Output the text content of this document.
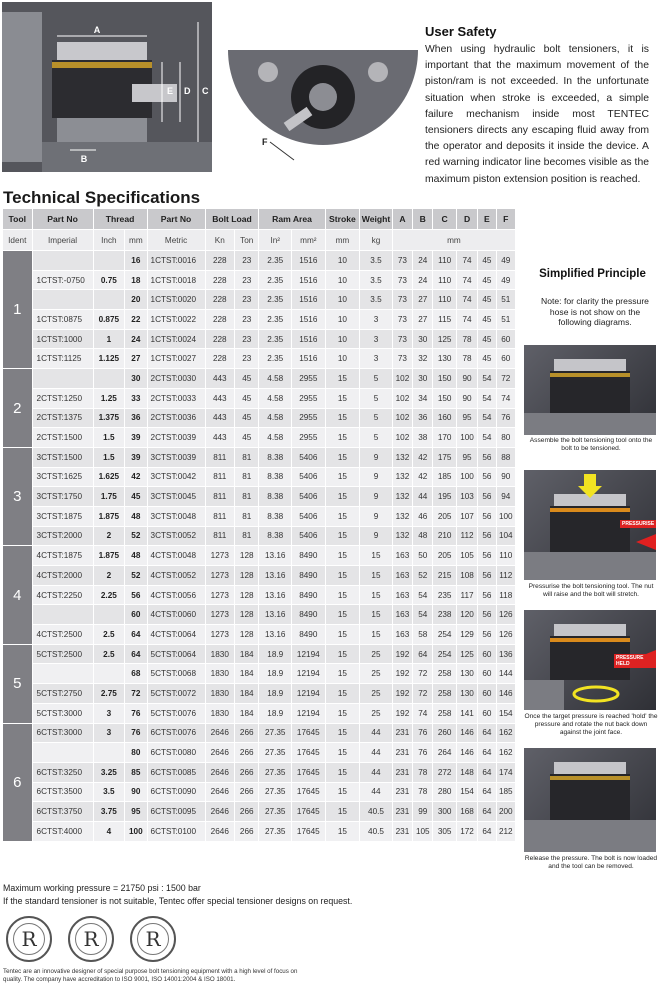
A
B
E D C
F
User Safety
When using hydraulic bolt tensioners, it is important that the maximum movement of the piston/ram is not exceeded. In the unfortunate situation when stroke is exceeded, a simple failure mechanism inside most TENTEC tensioners directs any escaping fluid away from the operator and deposits it inside the device. A red warning indicator line becomes visible as the maximum piston extension position is reached.
Technical Specifications
Tool	Part No	Thread		Part No	Bolt Load		Ram Area		Stroke	Weight	A	B	C	D	E	F
Ident	Imperial	Inch	mm	Metric	Kn	Ton	In²	mm²	mm	kg	mm					
1			16	1CTST:0016	228	23	2.35	1516	10	3.5	73	24	110	74	45	49
	1CTST:-0750	0.75	18	1CTST:0018	228	23	2.35	1516	10	3.5	73	24	110	74	45	49
			20	1CTST:0020	228	23	2.35	1516	10	3.5	73	27	110	74	45	51
	1CTST:0875	0.875	22	1CTST:0022	228	23	2.35	1516	10	3	73	27	115	74	45	51
	1CTST:1000	1	24	1CTST:0024	228	23	2.35	1516	10	3	73	30	125	78	45	60
	1CTST:1125	1.125	27	1CTST:0027	228	23	2.35	1516	10	3	73	32	130	78	45	60
2			30	2CTST:0030	443	45	4.58	2955	15	5	102	30	150	90	54	72
	2CTST:1250	1.25	33	2CTST:0033	443	45	4.58	2955	15	5	102	34	150	90	54	74
	2CTST:1375	1.375	36	2CTST:0036	443	45	4.58	2955	15	5	102	36	160	95	54	76
	2CTST:1500	1.5	39	2CTST:0039	443	45	4.58	2955	15	5	102	38	170	100	54	80
3	3CTST:1500	1.5	39	3CTST:0039	811	81	8.38	5406	15	9	132	42	175	95	56	88
	3CTST:1625	1.625	42	3CTST:0042	811	81	8.38	5406	15	9	132	42	185	100	56	90
	3CTST:1750	1.75	45	3CTST:0045	811	81	8.38	5406	15	9	132	44	195	103	56	94
	3CTST:1875	1.875	48	3CTST:0048	811	81	8.38	5406	15	9	132	46	205	107	56	100
	3CTST:2000	2	52	3CTST:0052	811	81	8.38	5406	15	9	132	48	210	112	56	104
4	4CTST:1875	1.875	48	4CTST:0048	1273	128	13.16	8490	15	15	163	50	205	105	56	110
	4CTST:2000	2	52	4CTST:0052	1273	128	13.16	8490	15	15	163	52	215	108	56	112
	4CTST:2250	2.25	56	4CTST:0056	1273	128	13.16	8490	15	15	163	54	235	117	56	118
			60	4CTST:0060	1273	128	13.16	8490	15	15	163	54	238	120	56	126
	4CTST:2500	2.5	64	4CTST:0064	1273	128	13.16	8490	15	15	163	58	254	129	56	126
5	5CTST:2500	2.5	64	5CTST:0064	1830	184	18.9	12194	15	25	192	64	254	125	60	136
			68	5CTST:0068	1830	184	18.9	12194	15	25	192	72	258	130	60	144
	5CTST:2750	2.75	72	5CTST:0072	1830	184	18.9	12194	15	25	192	72	258	130	60	146
	5CTST:3000	3	76	5CTST:0076	1830	184	18.9	12194	15	25	192	74	258	141	60	154
6	6CTST:3000	3	76	6CTST:0076	2646	266	27.35	17645	15	44	231	76	260	146	64	162
			80	6CTST:0080	2646	266	27.35	17645	15	44	231	76	264	146	64	162
	6CTST:3250	3.25	85	6CTST:0085	2646	266	27.35	17645	15	44	231	78	272	148	64	174
	6CTST:3500	3.5	90	6CTST:0090	2646	266	27.35	17645	15	44	231	78	280	154	64	185
	6CTST:3750	3.75	95	6CTST:0095	2646	266	27.35	17645	15	40.5	231	99	300	168	64	200
	6CTST:4000	4	100	6CTST:0100	2646	266	27.35	17645	15	40.5	231	105	305	172	64	212
Maximum working pressure = 21750 psi : 1500 bar
If the standard tensioner is not suitable, Tentec offer special tensioner designs on request.
R	R	R
Tentec are an innovative designer of special purpose bolt tensioning equipment with a high level of focus on quality. The company have accreditation to ISO 9001, ISO 14001:2004 & ISO 18001.
Simplified Principle
Note: for clarity the pressure hose is not show on the following diagrams.
Assemble the bolt tensioning tool onto the bolt to be tensioned.
PRESSURISE
Pressurise the bolt tensioning tool. The nut will raise and the bolt will stretch.
PRESSURE HELD
Once the target pressure is reached 'hold' the pressure and rotate the nut back down against the joint face.
Release the pressure. The bolt is now loaded and the tool can be removed.
